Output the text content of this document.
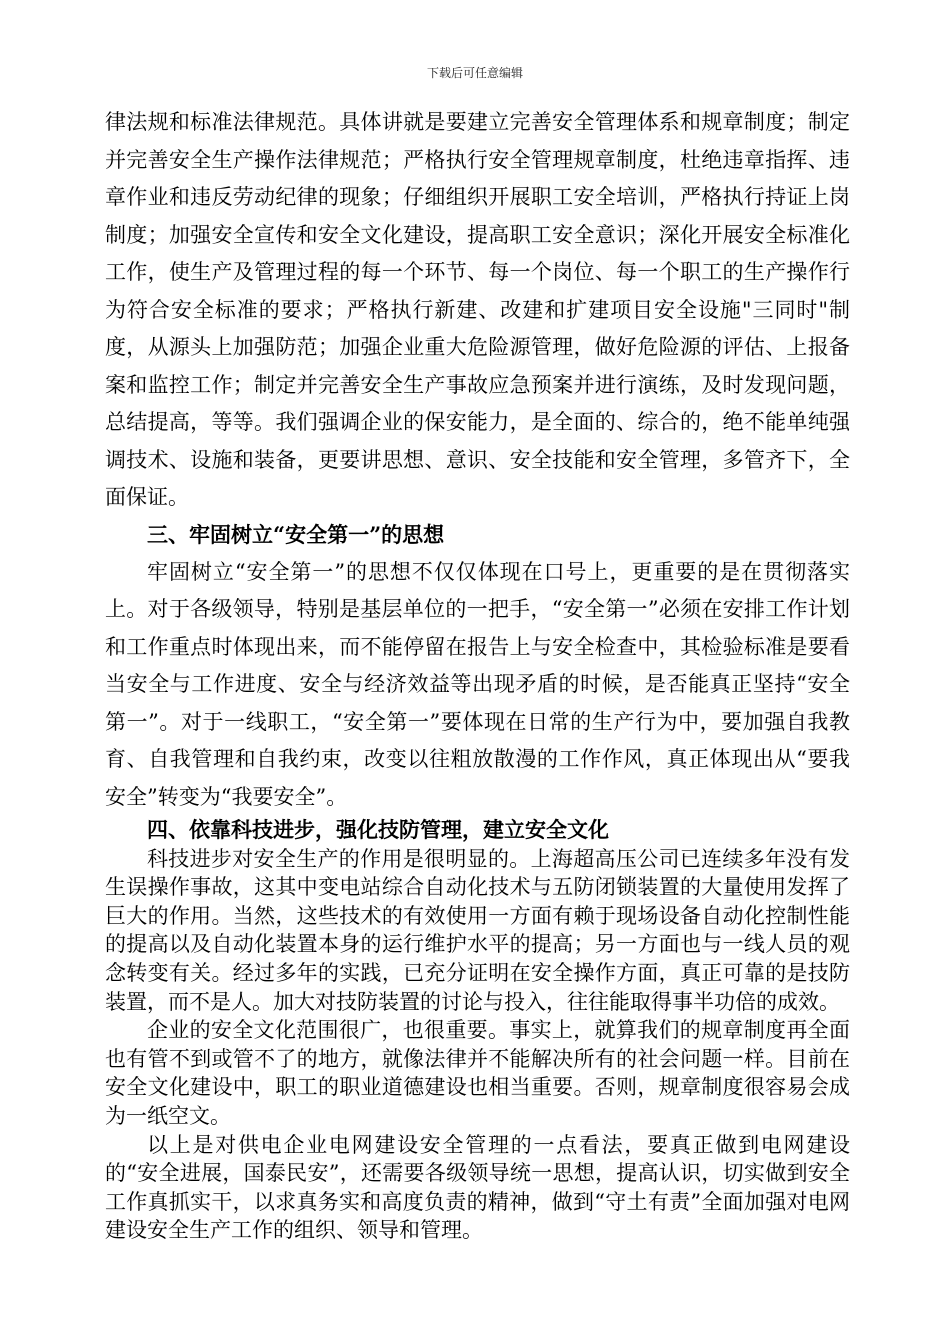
下载后可任意编辑

律法规和标准法律规范。具体讲就是要建立完善安全管理体系和规章制度；制定并完善安全生产操作法律规范；严格执行安全管理规章制度，杜绝违章指挥、违章作业和违反劳动纪律的现象；仔细组织开展职工安全培训，严格执行持证上岗制度；加强安全宣传和安全文化建设，提高职工安全意识；深化开展安全标准化工作，使生产及管理过程的每一个环节、每一个岗位、每一个职工的生产操作行为符合安全标准的要求；严格执行新建、改建和扩建项目安全设施"三同时"制度，从源头上加强防范；加强企业重大危险源管理，做好危险源的评估、上报备案和监控工作；制定并完善安全生产事故应急预案并进行演练，及时发现问题，总结提高，等等。我们强调企业的保安能力，是全面的、综合的，绝不能单纯强调技术、设施和装备，更要讲思想、意识、安全技能和安全管理，多管齐下，全面保证。

三、牢固树立“安全第一”的思想

牢固树立“安全第一”的思想不仅仅体现在口号上，更重要的是在贯彻落实上。对于各级领导，特别是基层单位的一把手，“安全第一”必须在安排工作计划和工作重点时体现出来，而不能停留在报告上与安全检查中，其检验标准是要看当安全与工作进度、安全与经济效益等出现矛盾的时候，是否能真正坚持“安全第一”。对于一线职工，“安全第一”要体现在日常的生产行为中，要加强自我教育、自我管理和自我约束，改变以往粗放散漫的工作作风，真正体现出从“要我安全”转变为“我要安全”。

四、依靠科技进步，强化技防管理，建立安全文化

科技进步对安全生产的作用是很明显的。上海超高压公司已连续多年没有发生误操作事故，这其中变电站综合自动化技术与五防闭锁装置的大量使用发挥了巨大的作用。当然，这些技术的有效使用一方面有赖于现场设备自动化控制性能的提高以及自动化装置本身的运行维护水平的提高；另一方面也与一线人员的观念转变有关。经过多年的实践，已充分证明在安全操作方面，真正可靠的是技防装置，而不是人。加大对技防装置的讨论与投入，往往能取得事半功倍的成效。

企业的安全文化范围很广，也很重要。事实上，就算我们的规章制度再全面也有管不到或管不了的地方，就像法律并不能解决所有的社会问题一样。目前在安全文化建设中，职工的职业道德建设也相当重要。否则，规章制度很容易会成为一纸空文。

以上是对供电企业电网建设安全管理的一点看法，要真正做到电网建设的“安全进展，国泰民安”，还需要各级领导统一思想，提高认识，切实做到安全工作真抓实干，以求真务实和高度负责的精神，做到“守土有责”全面加强对电网建设安全生产工作的组织、领导和管理。
